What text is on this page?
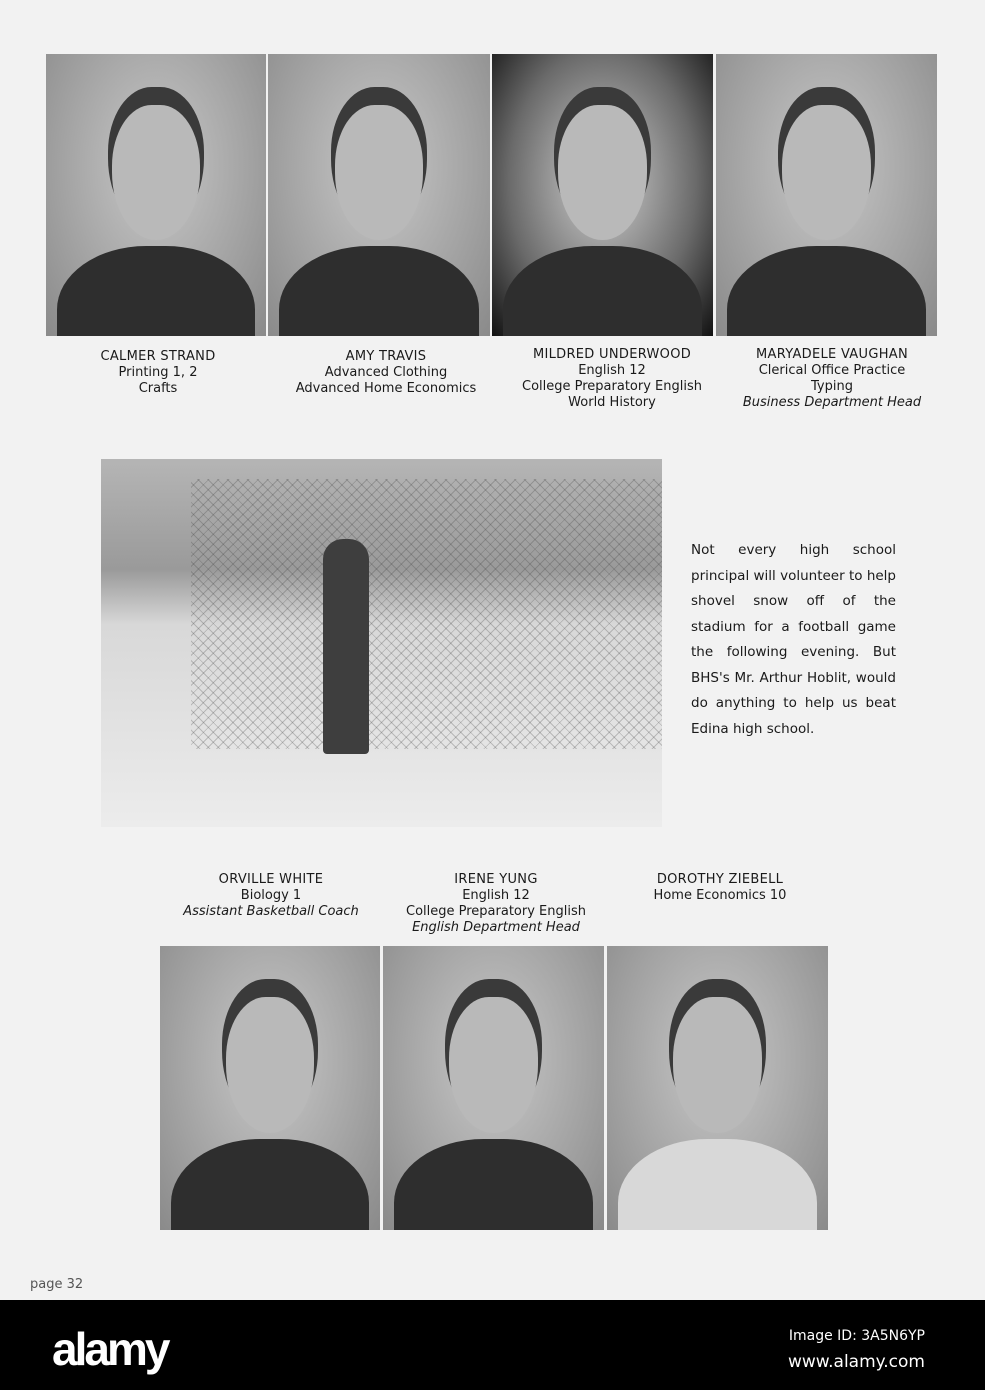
CALMER STRAND
Printing 1, 2
Crafts
AMY TRAVIS
Advanced Clothing
Advanced Home Economics
MILDRED UNDERWOOD
English 12
College Preparatory English
World History
MARYADELE VAUGHAN
Clerical Office Practice
Typing
Business Department Head
Not every high school principal will volunteer to help shovel snow off of the stadium for a football game the following evening. But BHS's Mr. Arthur Hoblit, would do anything to help us beat Edina high school.
ORVILLE WHITE
Biology 1
Assistant Basketball Coach
IRENE YUNG
English 12
College Preparatory English
English Department Head
DOROTHY ZIEBELL
Home Economics 10
page 32
alamy	Image ID: 3A5N6YP
www.alamy.com
